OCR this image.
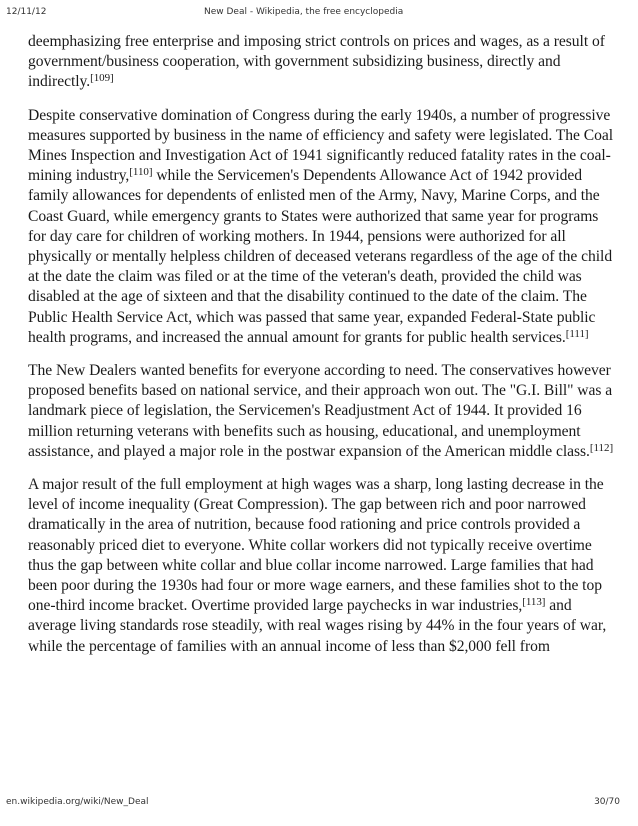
12/11/12	New Deal - Wikipedia, the free encyclopedia

deemphasizing free enterprise and imposing strict controls on prices and wages, as a result of government/business cooperation, with government subsidizing business, directly and indirectly.[109]

Despite conservative domination of Congress during the early 1940s, a number of progressive measures supported by business in the name of efficiency and safety were legislated. The Coal Mines Inspection and Investigation Act of 1941 significantly reduced fatality rates in the coal-mining industry,[110] while the Servicemen's Dependents Allowance Act of 1942 provided family allowances for dependents of enlisted men of the Army, Navy, Marine Corps, and the Coast Guard, while emergency grants to States were authorized that same year for programs for day care for children of working mothers. In 1944, pensions were authorized for all physically or mentally helpless children of deceased veterans regardless of the age of the child at the date the claim was filed or at the time of the veteran's death, provided the child was disabled at the age of sixteen and that the disability continued to the date of the claim. The Public Health Service Act, which was passed that same year, expanded Federal-State public health programs, and increased the annual amount for grants for public health services.[111]

The New Dealers wanted benefits for everyone according to need. The conservatives however proposed benefits based on national service, and their approach won out. The "G.I. Bill" was a landmark piece of legislation, the Servicemen's Readjustment Act of 1944. It provided 16 million returning veterans with benefits such as housing, educational, and unemployment assistance, and played a major role in the postwar expansion of the American middle class.[112]

A major result of the full employment at high wages was a sharp, long lasting decrease in the level of income inequality (Great Compression). The gap between rich and poor narrowed dramatically in the area of nutrition, because food rationing and price controls provided a reasonably priced diet to everyone. White collar workers did not typically receive overtime thus the gap between white collar and blue collar income narrowed. Large families that had been poor during the 1930s had four or more wage earners, and these families shot to the top one-third income bracket. Overtime provided large paychecks in war industries,[113] and average living standards rose steadily, with real wages rising by 44% in the four years of war, while the percentage of families with an annual income of less than $2,000 fell from

en.wikipedia.org/wiki/New_Deal	30/70
